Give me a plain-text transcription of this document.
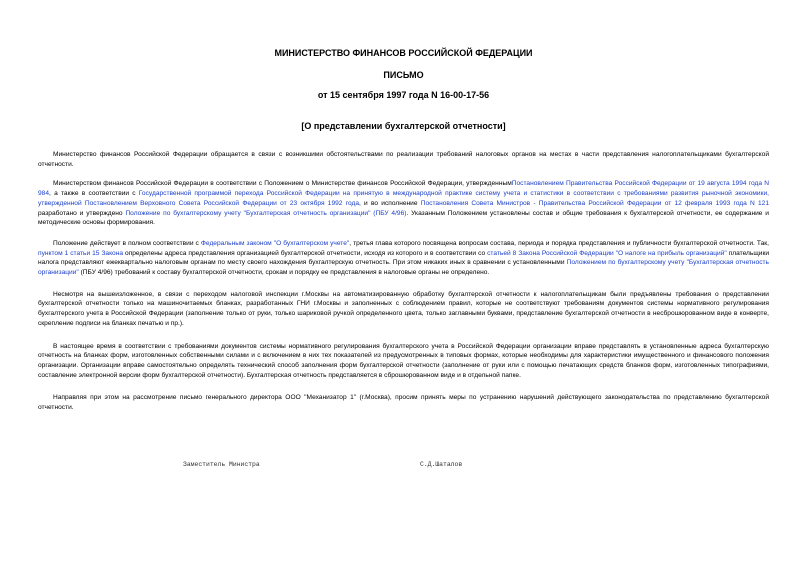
МИНИСТЕРСТВО ФИНАНСОВ РОССИЙСКОЙ ФЕДЕРАЦИИ
ПИСЬМО
от 15 сентября 1997 года N 16-00-17-56
[О представлении бухгалтерской отчетности]

Министерство финансов Российской Федерации обращается в связи с возникшими обстоятельствами по реализации требований налоговых органов на местах в части представления налогоплательщиками бухгалтерской отчетности.

Министерством финансов Российской Федерации в соответствии с Положением о Министерстве финансов Российской Федерации, утвержденнымПостановлением Правительства Российской Федерации от 19 августа 1994 года N 984, а также в соответствии с Государственной программой перехода Российской Федерации на принятую в международной практике систему учета и статистики в соответствии с требованиями развития рыночной экономики, утвержденной Постановлением Верховного Совета Российской Федерации от 23 октября 1992 года, и во исполнение Постановления Совета Министров - Правительства Российской Федерации от 12 февраля 1993 года N 121 разработано и утверждено Положение по бухгалтерскому учету "Бухгалтерская отчетность организации" (ПБУ 4/96). Указанным Положением установлены состав и общие требования к бухгалтерской отчетности, ее содержание и методические основы формирования.

Положение действует в полном соответствии с Федеральным законом "О бухгалтерском учете", третья глава которого посвящена вопросам состава, периода и порядка представления и публичности бухгалтерской отчетности. Так, пунктом 1 статьи 15 Закона определены адреса представления организацией бухгалтерской отчетности, исходя из которого и в соответствии со статьей 8 Закона Российской Федерации "О налоге на прибыль организаций" плательщики налога представляют ежеквартально налоговым органам по месту своего нахождения бухгалтерскую отчетность. При этом никаких иных в сравнении с установленными Положением по бухгалтерскому учету "Бухгалтерская отчетность организации" (ПБУ 4/96) требований к составу бухгалтерской отчетности, срокам и порядку ее представления в налоговые органы не определено.

Несмотря на вышеизложенное, в связи с переходом налоговой инспекции г.Москвы на автоматизированную обработку бухгалтерской отчетности к налогоплательщикам были предъявлены требования о представлении бухгалтерской отчетности только на машиночитаемых бланках, разработанных ГНИ г.Москвы и заполненных с соблюдением правил, которые не соответствуют требованиям документов системы нормативного регулирования бухгалтерского учета в Российской Федерации (заполнение только от руки, только шариковой ручкой определенного цвета, только заглавными буквами, представление бухгалтерской отчетности в несброшюрованном виде в конверте, скрепление подписи на бланках печатью и пр.).

В настоящее время в соответствии с требованиями документов системы нормативного регулирования бухгалтерского учета в Российской Федерации организации вправе представлять в установленные адреса бухгалтерскую отчетность на бланках форм, изготовленных собственными силами и с включением в них тех показателей из предусмотренных в типовых формах, которые необходимы для характеристики имущественного и финансового положения организации. Организации вправе самостоятельно определять технический способ заполнения форм бухгалтерской отчетности (заполнение от руки или с помощью печатающих средств бланков форм, изготовленных типографиями, составление электронной версии форм бухгалтерской отчетности). Бухгалтерская отчетность представляется в сброшюрованном виде и в отдельной папке.

Направляя при этом на рассмотрение письмо генерального директора ООО "Механизатор 1" (г.Москва), просим принять меры по устранению нарушений действующего законодательства по представлению бухгалтерской отчетности.

Заместитель Министра	С.Д.Шаталов
